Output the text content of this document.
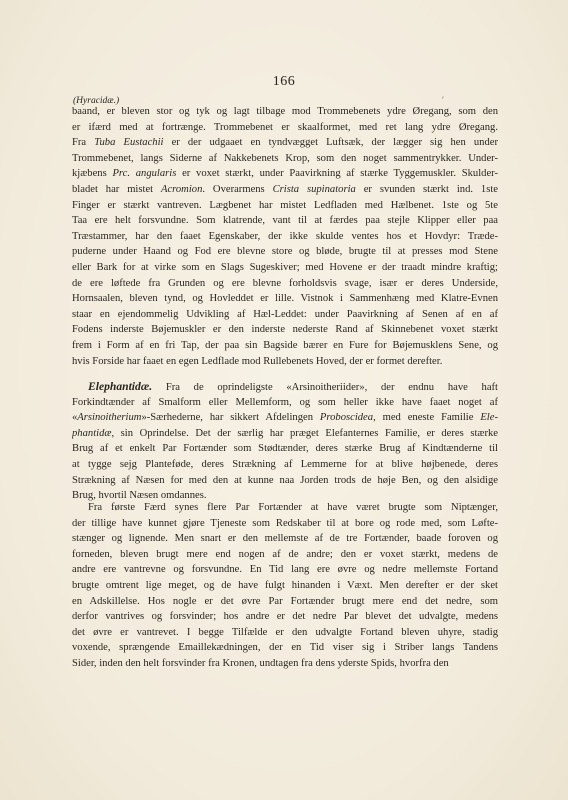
166
(Hyracidæ.)	′
baand, er bleven stor og tyk og lagt tilbage mod Trommebenets ydre Øregang, som den
er ifærd med at fortrænge. Trommebenet er skaalformet, med ret lang ydre Øregang.
Fra Tuba Eustachii er der udgaaet en tyndvægget Luftsæk, der lægger sig hen under
Trommebenet, langs Siderne af Nakkebenets Krop, som den noget sammentrykker. Under-
kjæbens Prc. angularis er voxet stærkt, under Paavirkning af stærke Tyggemuskler. Skulder-
bladet har mistet Acromion. Overarmens Crista supinatoria er svunden stærkt ind. 1ste
Finger er stærkt vantreven. Lægbenet har mistet Ledfladen med Hælbenet. 1ste og 5te
Taa ere helt forsvundne. Som klatrende, vant til at færdes paa stejle Klipper eller paa
Træstammer, har den faaet Egenskaber, der ikke skulde ventes hos et Hovdyr: Træde-
puderne under Haand og Fod ere blevne store og bløde, brugte til at presses mod Stene
eller Bark for at virke som en Slags Sugeskiver; med Hovene er der traadt mindre kraftig;
de ere løftede fra Grunden og ere blevne forholdsvis svage, især er deres Underside,
Hornsaalen, bleven tynd, og Hovleddet er lille. Vistnok i Sammenhæng med Klatre-Evnen
staar en ejendommelig Udvikling af Hæl-Leddet: under Paavirkning af Senen af en af
Fodens inderste Bøjemuskler er den inderste nederste Rand af Skinnebenet voxet stærkt
frem i Form af en fri Tap, der paa sin Bagside bærer en Fure for Bøjemusklens Sene, og
hvis Forside har faaet en egen Ledflade mod Rullebenets Hoved, der er formet derefter.
Elephantidæ. Fra de oprindeligste «Arsinoitheriider», der endnu have haft
Forkindtænder af Smalform eller Mellemform, og som heller ikke have faaet noget af
«Arsinoitherium»-Særhederne, har sikkert Afdelingen Proboscidea, med eneste Familie Ele-
phantidæ, sin Oprindelse. Det der særlig har præget Elefanternes Familie, er deres stærke
Brug af et enkelt Par Fortænder som Stødtænder, deres stærke Brug af Kindtænderne til
at tygge sejg Planteføde, deres Strækning af Lemmerne for at blive højbenede, deres
Strækning af Næsen for med den at kunne naa Jorden trods de høje Ben, og den alsidige
Brug, hvortil Næsen omdannes.
Fra første Færd synes flere Par Fortænder at have været brugte som Niptænger,
der tillige have kunnet gjøre Tjeneste som Redskaber til at bore og rode med, som Løfte-
stænger og lignende. Men snart er den mellemste af de tre Fortænder, baade foroven og
forneden, bleven brugt mere end nogen af de andre; den er voxet stærkt, medens de
andre ere vantrevne og forsvundne. En Tid lang ere øvre og nedre mellemste Fortand
brugte omtrent lige meget, og de have fulgt hinanden i Væxt. Men derefter er der sket
en Adskillelse. Hos nogle er det øvre Par Fortænder brugt mere end det nedre, som
derfor vantrives og forsvinder; hos andre er det nedre Par blevet det udvalgte, medens
det øvre er vantrevet. I begge Tilfælde er den udvalgte Fortand bleven uhyre, stadig
voxende, sprængende Emaillekædningen, der en Tid viser sig i Striber langs Tandens
Sider, inden den helt forsvinder fra Kronen, undtagen fra dens yderste Spids, hvorfra den
